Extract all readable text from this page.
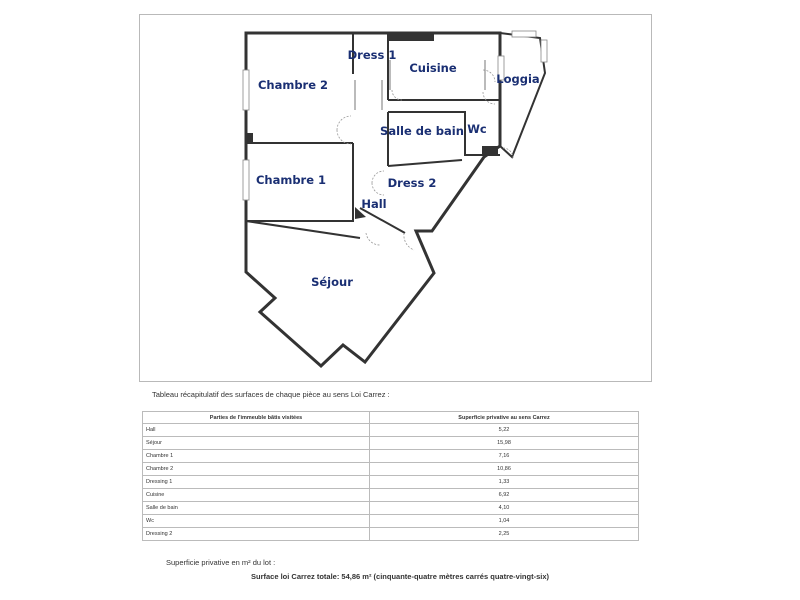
Chambre 2
Dress 1
Cuisine
Loggia
Salle de bain Wc
Chambre 1	Dress 2
Hall
Séjour
Tableau récapitulatif des surfaces de chaque pièce au sens Loi Carrez :
Parties de l'immeuble bâtis visitées	Superficie privative au sens Carrez
Hall	5,22
Séjour	15,98
Chambre 1	7,16
Chambre 2	10,86
Dressing 1	1,33
Cuisine	6,92
Salle de bain	4,10
Wc	1,04
Dressing 2	2,25
Superficie privative en m² du lot :
Surface loi Carrez totale: 54,86 m² (cinquante-quatre mètres carrés quatre-vingt-six)
